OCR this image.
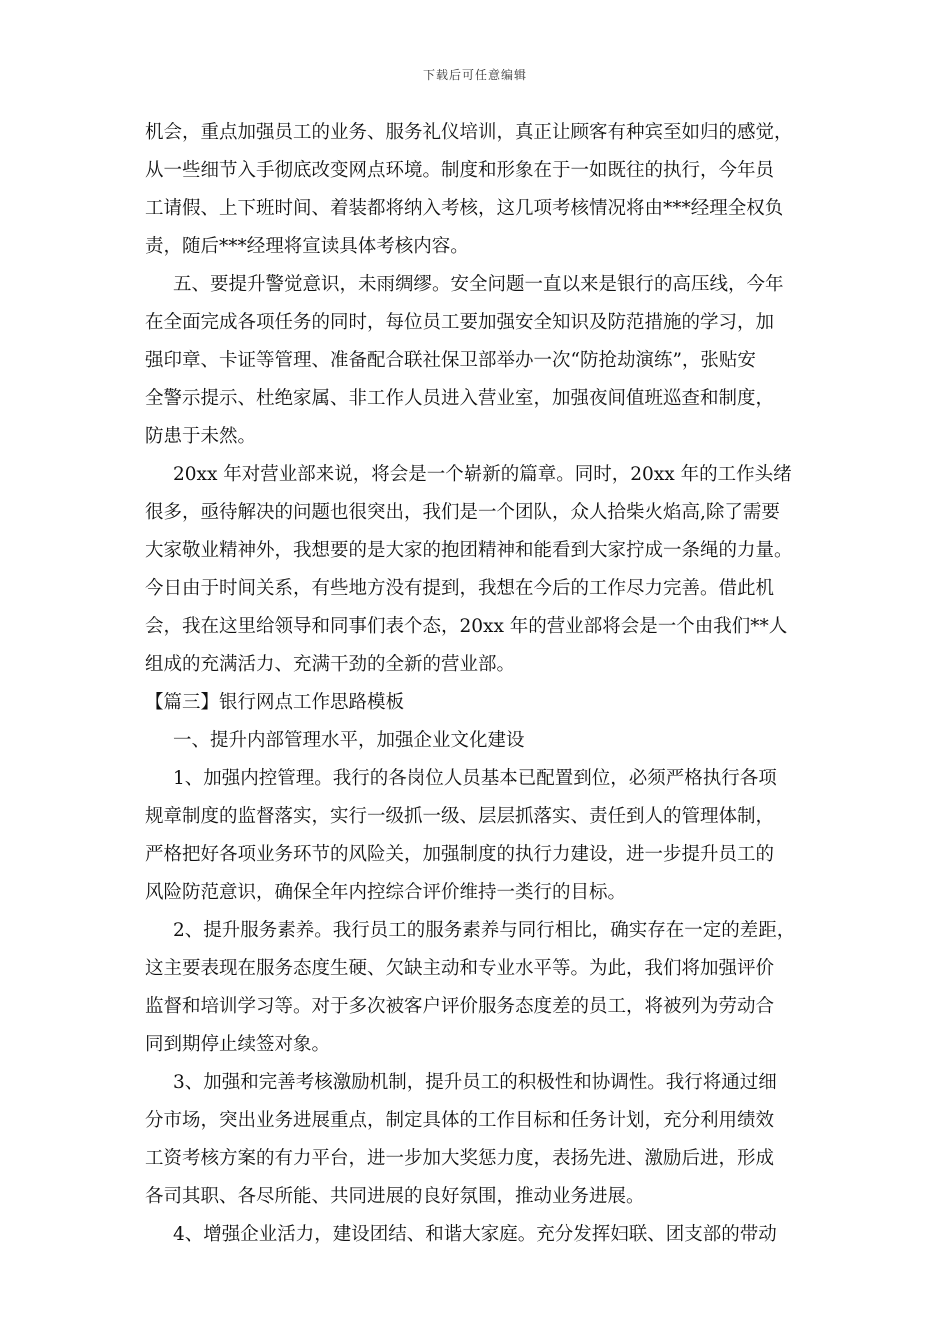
下载后可任意编辑
机会，重点加强员工的业务、服务礼仪培训，真正让顾客有种宾至如归的感觉，
从一些细节入手彻底改变网点环境。制度和形象在于一如既往的执行，今年员
工请假、上下班时间、着装都将纳入考核，这几项考核情况将由***经理全权负
责，随后***经理将宣读具体考核内容。
五、要提升警觉意识，未雨绸缪。安全问题一直以来是银行的高压线，今年
在全面完成各项任务的同时，每位员工要加强安全知识及防范措施的学习，加
强印章、卡证等管理、准备配合联社保卫部举办一次“防抢劫演练”，张贴安
全警示提示、杜绝家属、非工作人员进入营业室，加强夜间值班巡查和制度，
防患于未然。
20xx 年对营业部来说，将会是一个崭新的篇章。同时，20xx 年的工作头绪
很多，亟待解决的问题也很突出，我们是一个团队，众人拾柴火焰高,除了需要
大家敬业精神外，我想要的是大家的抱团精神和能看到大家拧成一条绳的力量。
今日由于时间关系，有些地方没有提到，我想在今后的工作尽力完善。借此机
会，我在这里给领导和同事们表个态，20xx 年的营业部将会是一个由我们**人
组成的充满活力、充满干劲的全新的营业部。
【篇三】银行网点工作思路模板
一、提升内部管理水平，加强企业文化建设
1、加强内控管理。我行的各岗位人员基本已配置到位，必须严格执行各项
规章制度的监督落实，实行一级抓一级、层层抓落实、责任到人的管理体制，
严格把好各项业务环节的风险关，加强制度的执行力建设，进一步提升员工的
风险防范意识，确保全年内控综合评价维持一类行的目标。
2、提升服务素养。我行员工的服务素养与同行相比，确实存在一定的差距，
这主要表现在服务态度生硬、欠缺主动和专业水平等。为此，我们将加强评价
监督和培训学习等。对于多次被客户评价服务态度差的员工，将被列为劳动合
同到期停止续签对象。
3、加强和完善考核激励机制，提升员工的积极性和协调性。我行将通过细
分市场，突出业务进展重点，制定具体的工作目标和任务计划，充分利用绩效
工资考核方案的有力平台，进一步加大奖惩力度，表扬先进、激励后进，形成
各司其职、各尽所能、共同进展的良好氛围，推动业务进展。
4、增强企业活力，建设团结、和谐大家庭。充分发挥妇联、团支部的带动
